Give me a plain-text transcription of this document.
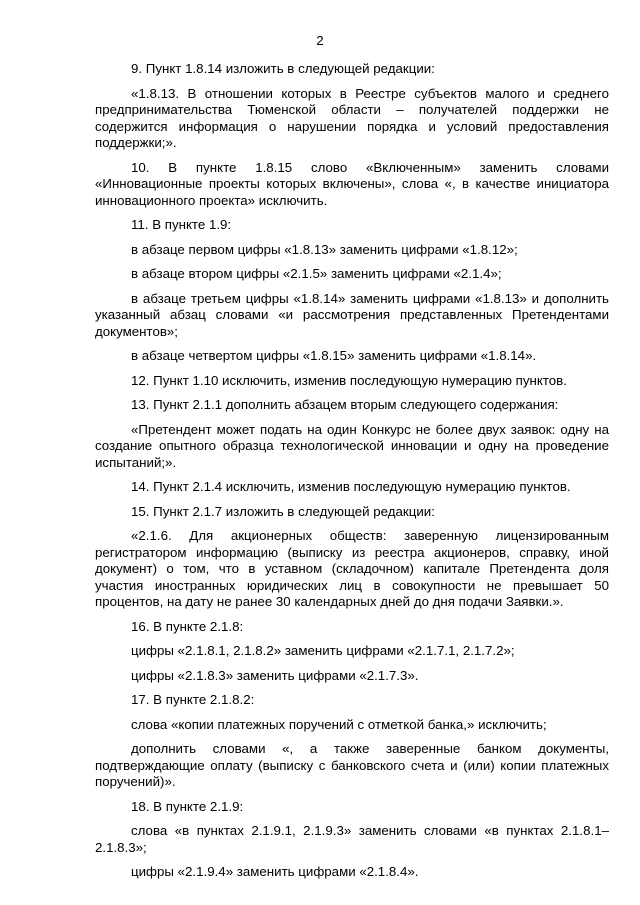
2

9. Пункт 1.8.14 изложить в следующей редакции:

«1.8.13. В отношении которых в Реестре субъектов малого и среднего предпринимательства Тюменской области – получателей поддержки не содержится информация о нарушении порядка и условий предоставления поддержки;».

10. В пункте 1.8.15 слово «Включенным» заменить словами «Инновационные проекты которых включены», слова «, в качестве инициатора инновационного проекта» исключить.

11. В пункте 1.9:

в абзаце первом цифры «1.8.13» заменить цифрами «1.8.12»;

в абзаце втором цифры «2.1.5» заменить цифрами «2.1.4»;

в абзаце третьем цифры «1.8.14» заменить цифрами «1.8.13» и дополнить указанный абзац словами «и рассмотрения представленных Претендентами документов»;

в абзаце четвертом цифры «1.8.15» заменить цифрами «1.8.14».

12. Пункт 1.10 исключить, изменив последующую нумерацию пунктов.

13. Пункт 2.1.1 дополнить абзацем вторым следующего содержания:

«Претендент может подать на один Конкурс не более двух заявок: одну на создание опытного образца технологической инновации и одну на проведение испытаний;».

14. Пункт 2.1.4 исключить, изменив последующую нумерацию пунктов.

15. Пункт 2.1.7 изложить в следующей редакции:

«2.1.6. Для акционерных обществ: заверенную лицензированным регистратором информацию (выписку из реестра акционеров, справку, иной документ) о том, что в уставном (складочном) капитале Претендента доля участия иностранных юридических лиц в совокупности не превышает 50 процентов, на дату не ранее 30 календарных дней до дня подачи Заявки.».

16. В пункте 2.1.8:

цифры «2.1.8.1, 2.1.8.2» заменить цифрами «2.1.7.1, 2.1.7.2»;

цифры «2.1.8.3» заменить цифрами «2.1.7.3».

17. В пункте 2.1.8.2:

слова «копии платежных поручений с отметкой банка,» исключить;

дополнить словами «, а также заверенные банком документы, подтверждающие оплату (выписку с банковского счета и (или) копии платежных поручений)».

18. В пункте 2.1.9:

слова «в пунктах 2.1.9.1, 2.1.9.3» заменить словами «в пунктах 2.1.8.1–2.1.8.3»;

цифры «2.1.9.4» заменить цифрами «2.1.8.4».
